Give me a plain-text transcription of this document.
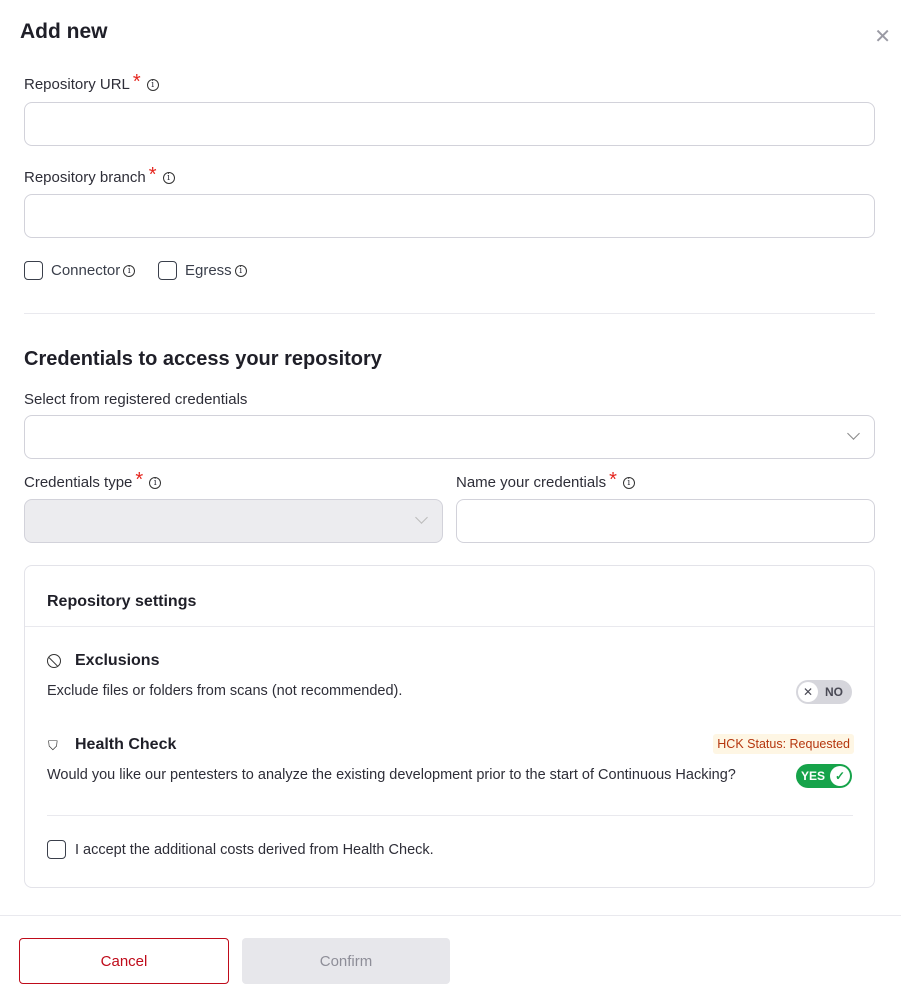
Add new	✕
Repository URL *	i
Repository branch *	i
Connector i	Egress i
Credentials to access your repository
Select from registered credentials
Credentials type *	i	Name your credentials *	i
Repository settings
Exclusions
Exclude files or folders from scans (not recommended).	✕ NO
⛉ Health Check	HCK Status: Requested
Would you like our pentesters to analyze the existing development prior to the start of Continuous Hacking?	YES ✓
I accept the additional costs derived from Health Check.
Cancel	Confirm
